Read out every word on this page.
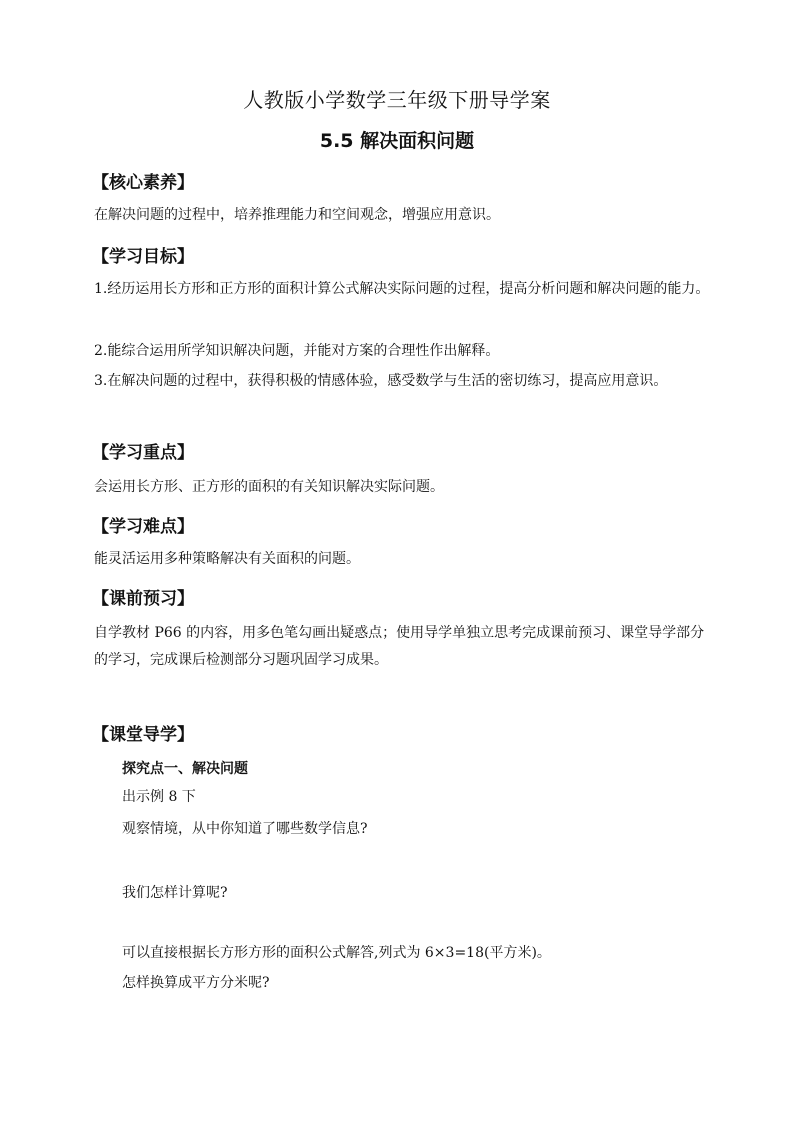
人教版小学数学三年级下册导学案
5.5 解决面积问题
【核心素养】
在解决问题的过程中，培养推理能力和空间观念，增强应用意识。
【学习目标】
1.经历运用长方形和正方形的面积计算公式解决实际问题的过程，提高分析问题和解决问题的能力。
2.能综合运用所学知识解决问题，并能对方案的合理性作出解释。
3.在解决问题的过程中，获得积极的情感体验，感受数学与生活的密切练习，提高应用意识。
【学习重点】
会运用长方形、正方形的面积的有关知识解决实际问题。
【学习难点】
能灵活运用多种策略解决有关面积的问题。
【课前预习】
自学教材 P66 的内容，用多色笔勾画出疑惑点；使用导学单独立思考完成课前预习、课堂导学部分的学习，完成课后检测部分习题巩固学习成果。
【课堂导学】
探究点一、解决问题
出示例 8 下
观察情境，从中你知道了哪些数学信息?
我们怎样计算呢?
可以直接根据长方形方形的面积公式解答,列式为 6×3=18(平方米)。
怎样换算成平方分米呢?
